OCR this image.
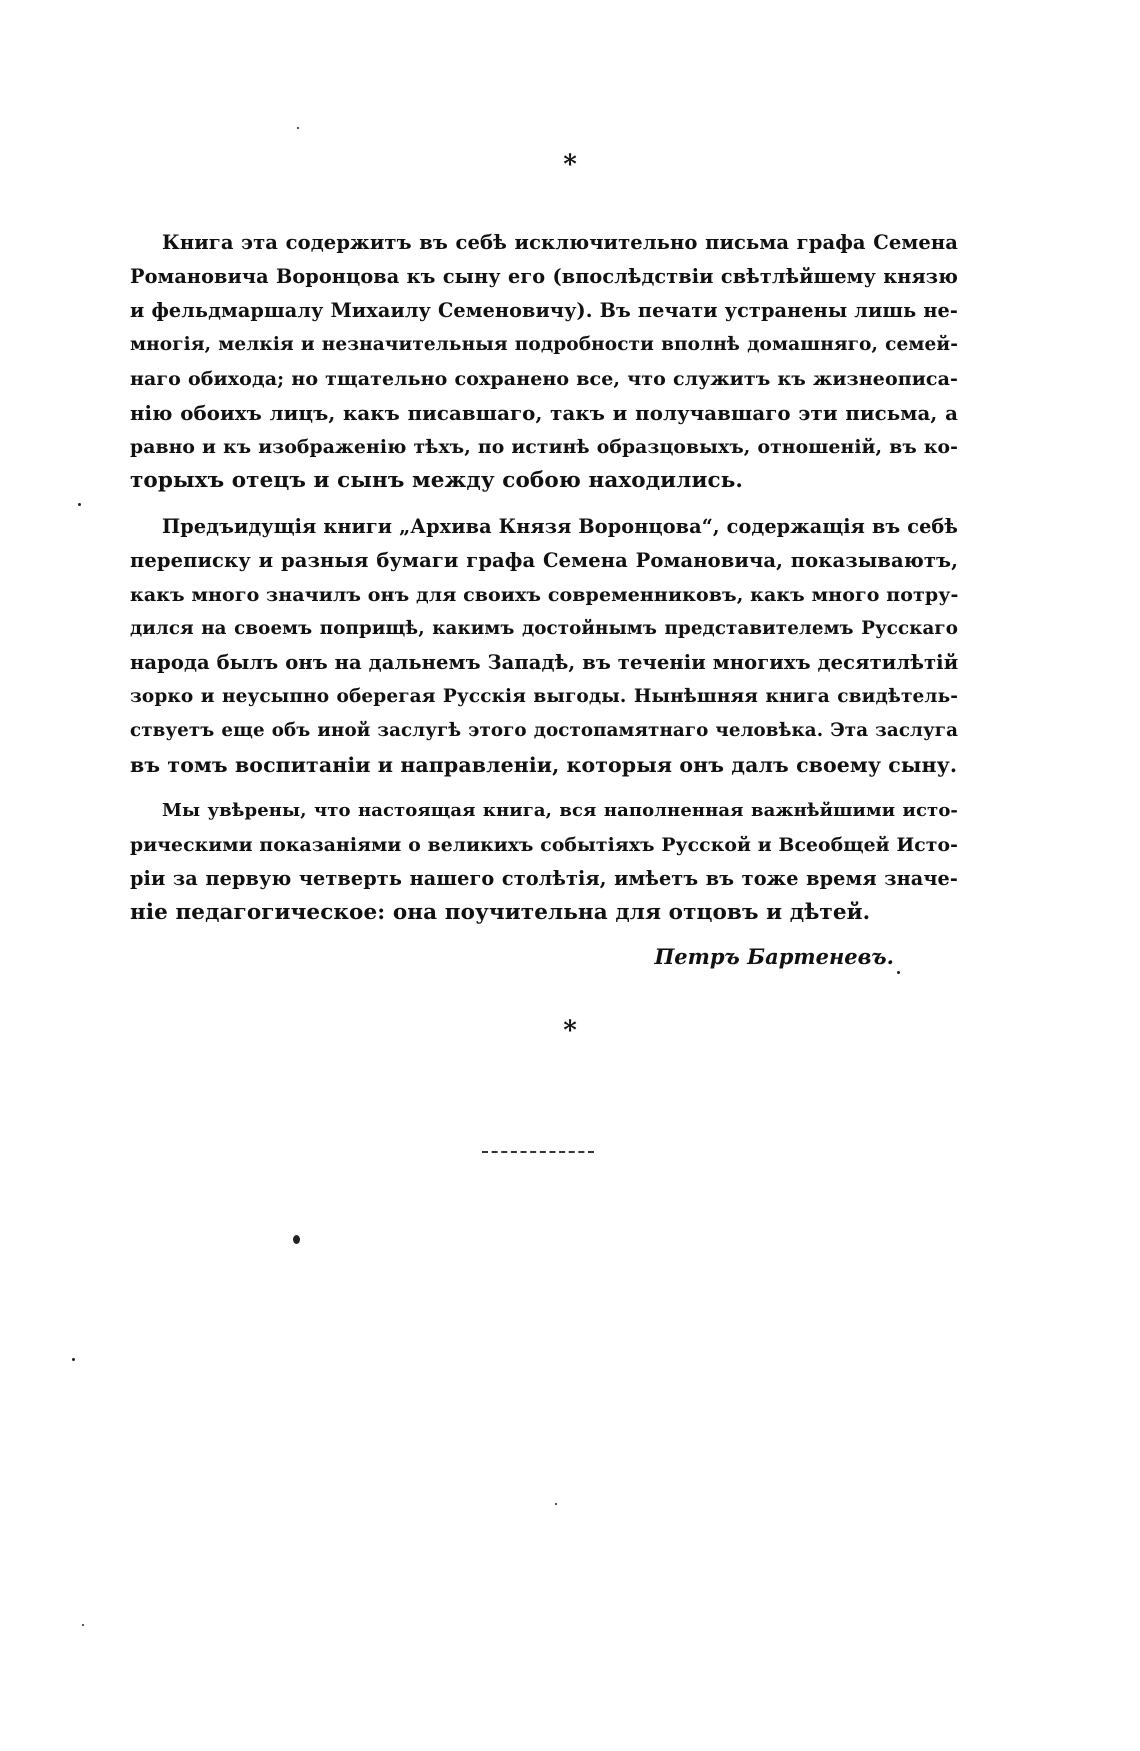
*
Книга эта содержитъ въ себѣ исключительно письма графа Семена
Романовича Воронцова къ сыну его (впослѣдствіи свѣтлѣйшему князю
и фельдмаршалу Михаилу Семеновичу). Въ печати устранены лишь не-
многія, мелкія и незначительныя подробности вполнѣ домашняго, семей-
наго обихода; но тщательно сохранено все, что служитъ къ жизнеописа-
нію обоихъ лицъ, какъ писавшаго, такъ и получавшаго эти письма, а
равно и къ изображенію тѣхъ, по истинѣ образцовыхъ, отношеній, въ ко-
торыхъ отецъ и сынъ между собою находились.
Предъидущія книги „Архива Князя Воронцова“, содержащія въ себѣ
переписку и разныя бумаги графа Семена Романовича, показываютъ,
какъ много значилъ онъ для своихъ современниковъ, какъ много потру-
дился на своемъ поприщѣ, какимъ достойнымъ представителемъ Русскаго
народа былъ онъ на дальнемъ Западѣ, въ теченіи многихъ десятилѣтій
зорко и неусыпно оберегая Русскія выгоды. Нынѣшняя книга свидѣтель-
ствуетъ еще объ иной заслугѣ этого достопамятнаго человѣка. Эта заслуга
въ томъ воспитаніи и направленіи, которыя онъ далъ своему сыну.
Мы увѣрены, что настоящая книга, вся наполненная важнѣйшими исто-
рическими показаніями о великихъ событіяхъ Русской и Всеобщей Исто-
ріи за первую четверть нашего столѣтія, имѣетъ въ тоже время значе-
ніе педагогическое: она поучительна для отцовъ и дѣтей.
Петръ Бартеневъ.
*
